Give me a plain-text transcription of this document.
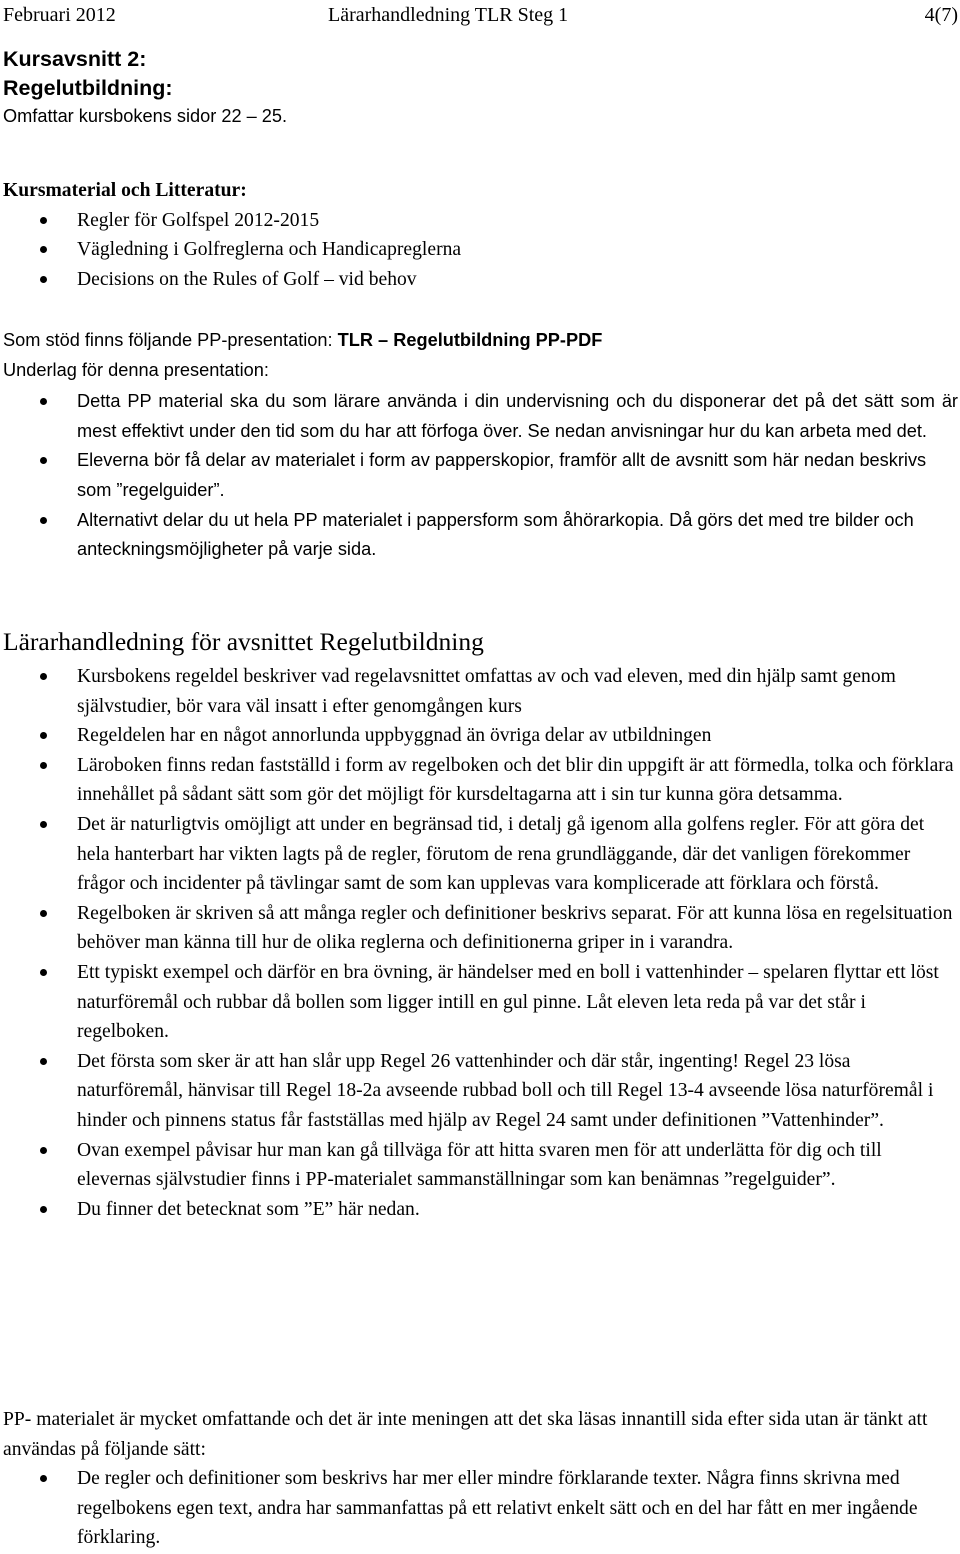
Februari 2012	Lärarhandledning TLR Steg 1	4(7)
Kursavsnitt 2:
Regelutbildning:
Omfattar kursbokens sidor 22 – 25.
Kursmaterial och Litteratur:
Regler för Golfspel 2012-2015
Vägledning i Golfreglerna och Handicapreglerna
Decisions on the Rules of Golf – vid behov
Som stöd finns följande PP-presentation: TLR – Regelutbildning PP-PDF
Underlag för denna presentation:
Detta PP material ska du som lärare använda i din undervisning och du disponerar det på det sätt som är mest effektivt under den tid som du har att förfoga över. Se nedan anvisningar hur du kan arbeta med det.
Eleverna bör få delar av materialet i form av papperskopior, framför allt de avsnitt som här nedan beskrivs som ”regelguider”.
Alternativt delar du ut hela PP materialet i pappersform som åhörarkopia. Då görs det med tre bilder och anteckningsmöjligheter på varje sida.
Lärarhandledning för avsnittet Regelutbildning
Kursbokens regeldel beskriver vad regelavsnittet omfattas av och vad eleven, med din hjälp samt genom självstudier, bör vara väl insatt i efter genomgången kurs
Regeldelen har en något annorlunda uppbyggnad än övriga delar av utbildningen
Läroboken finns redan fastställd i form av regelboken och det blir din uppgift är att förmedla, tolka och förklara innehållet på sådant sätt som gör det möjligt för kursdeltagarna att i sin tur kunna göra detsamma.
Det är naturligtvis omöjligt att under en begränsad tid, i detalj gå igenom alla golfens regler. För att göra det hela hanterbart har vikten lagts på de regler, förutom de rena grundläggande, där det vanligen förekommer frågor och incidenter på tävlingar samt de som kan upplevas vara komplicerade att förklara och förstå.
Regelboken är skriven så att många regler och definitioner beskrivs separat. För att kunna lösa en regelsituation behöver man känna till hur de olika reglerna och definitionerna griper in i varandra.
Ett typiskt exempel och därför en bra övning, är händelser med en boll i vattenhinder – spelaren flyttar ett löst naturföremål och rubbar då bollen som ligger intill en gul pinne. Låt eleven leta reda på var det står i regelboken.
Det första som sker är att han slår upp Regel 26 vattenhinder och där står, ingenting! Regel 23 lösa naturföremål, hänvisar till Regel 18-2a avseende rubbad boll och till Regel 13-4 avseende lösa naturföremål i hinder och pinnens status får fastställas med hjälp av Regel 24 samt under definitionen ”Vattenhinder”.
Ovan exempel påvisar hur man kan gå tillväga för att hitta svaren men för att underlätta för dig och till elevernas självstudier finns i PP-materialet sammanställningar som kan benämnas ”regelguider”.
Du finner det betecknat som ”E” här nedan.
PP- materialet är mycket omfattande och det är inte meningen att det ska läsas innantill sida efter sida utan är tänkt att användas på följande sätt:
De regler och definitioner som beskrivs har mer eller mindre förklarande texter. Några finns skrivna med regelbokens egen text, andra har sammanfattas på ett relativt enkelt sätt och en del har fått en mer ingående förklaring.
